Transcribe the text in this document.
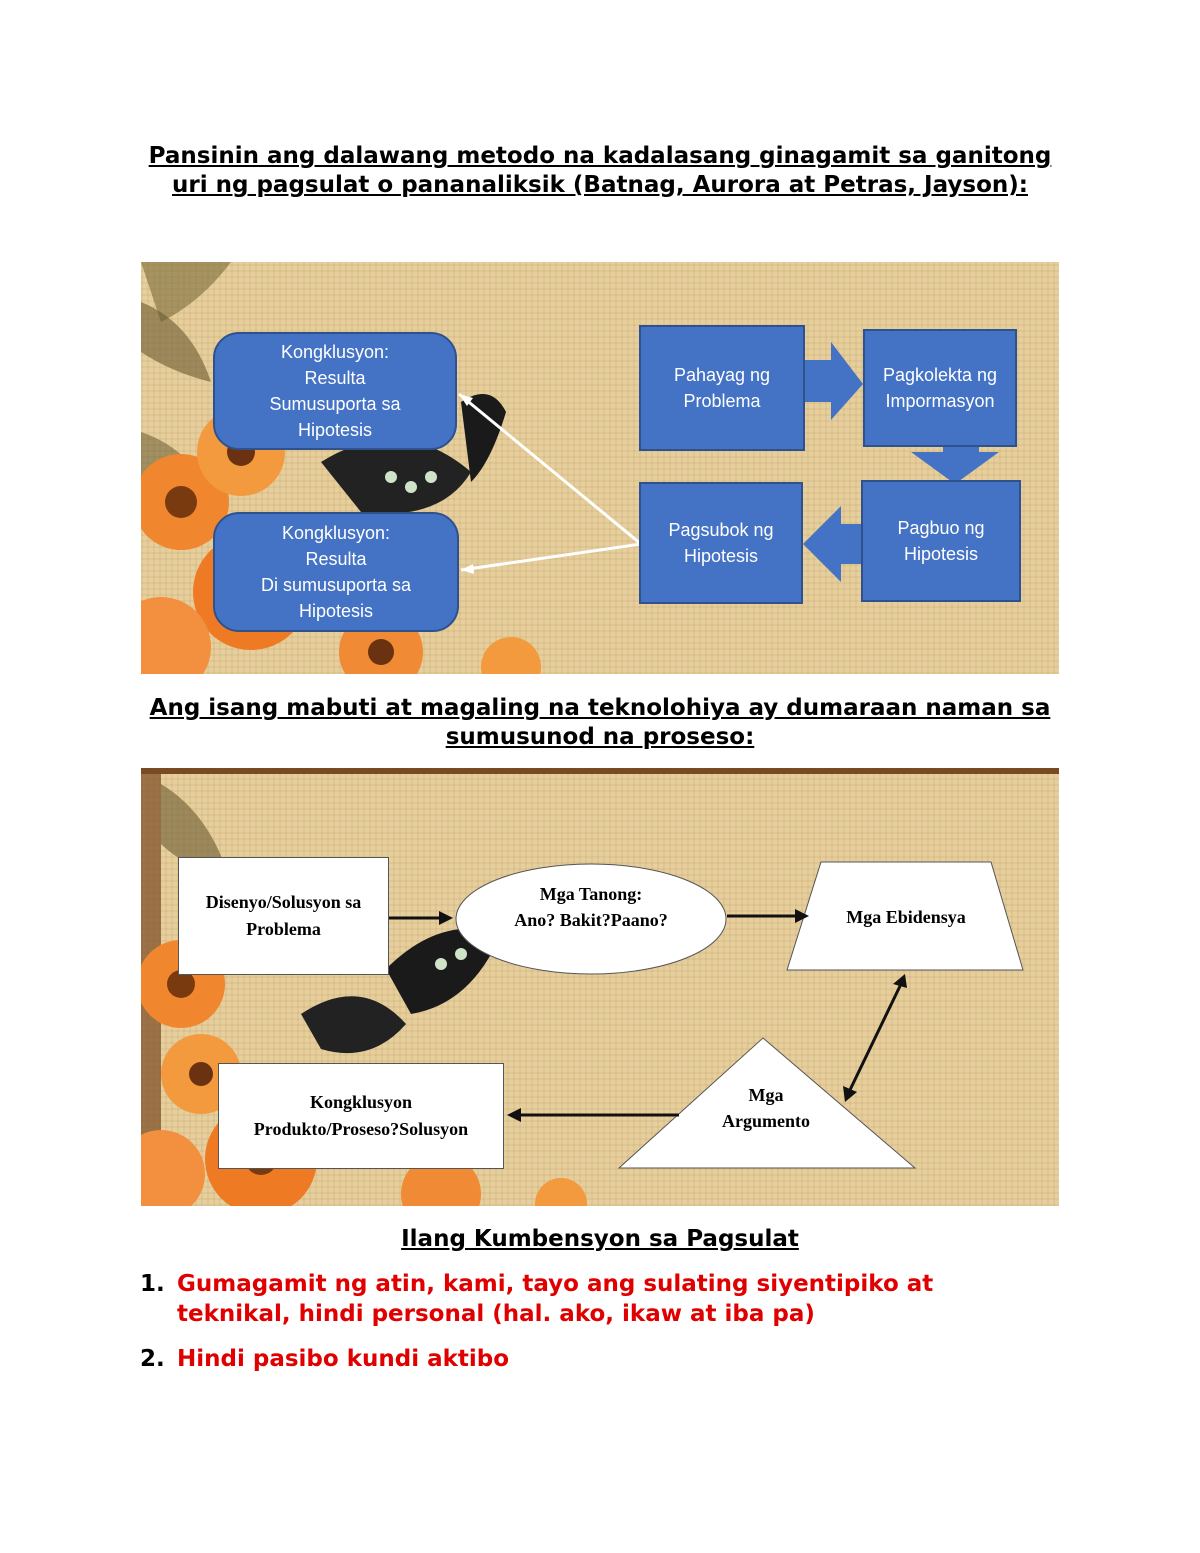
Pansinin ang dalawang metodo na kadalasang ginagamit sa ganitong uri ng pagsulat o pananaliksik (Batnag, Aurora at Petras, Jayson):
Kongklusyon:
Resulta
Sumusuporta sa
Hipotesis
Kongklusyon:
Resulta
Di sumusuporta sa
Hipotesis
Pahayag ng
Problema
Pagkolekta ng
Impormasyon
Pagbuo ng
Hipotesis
Pagsubok ng
Hipotesis
Ang isang mabuti at magaling na teknolohiya ay dumaraan naman sa sumusunod na proseso:
Disenyo/Solusyon sa
Problema
Mga Tanong:
Ano? Bakit?Paano?	Mga Ebidensya
Mga
Argumento
Kongklusyon
Produkto/Proseso?Solusyon
Ilang Kumbensyon sa Pagsulat
1. Gumagamit ng atin, kami, tayo ang sulating siyentipiko at teknikal, hindi personal (hal. ako, ikaw at iba pa)
2. Hindi pasibo kundi aktibo
